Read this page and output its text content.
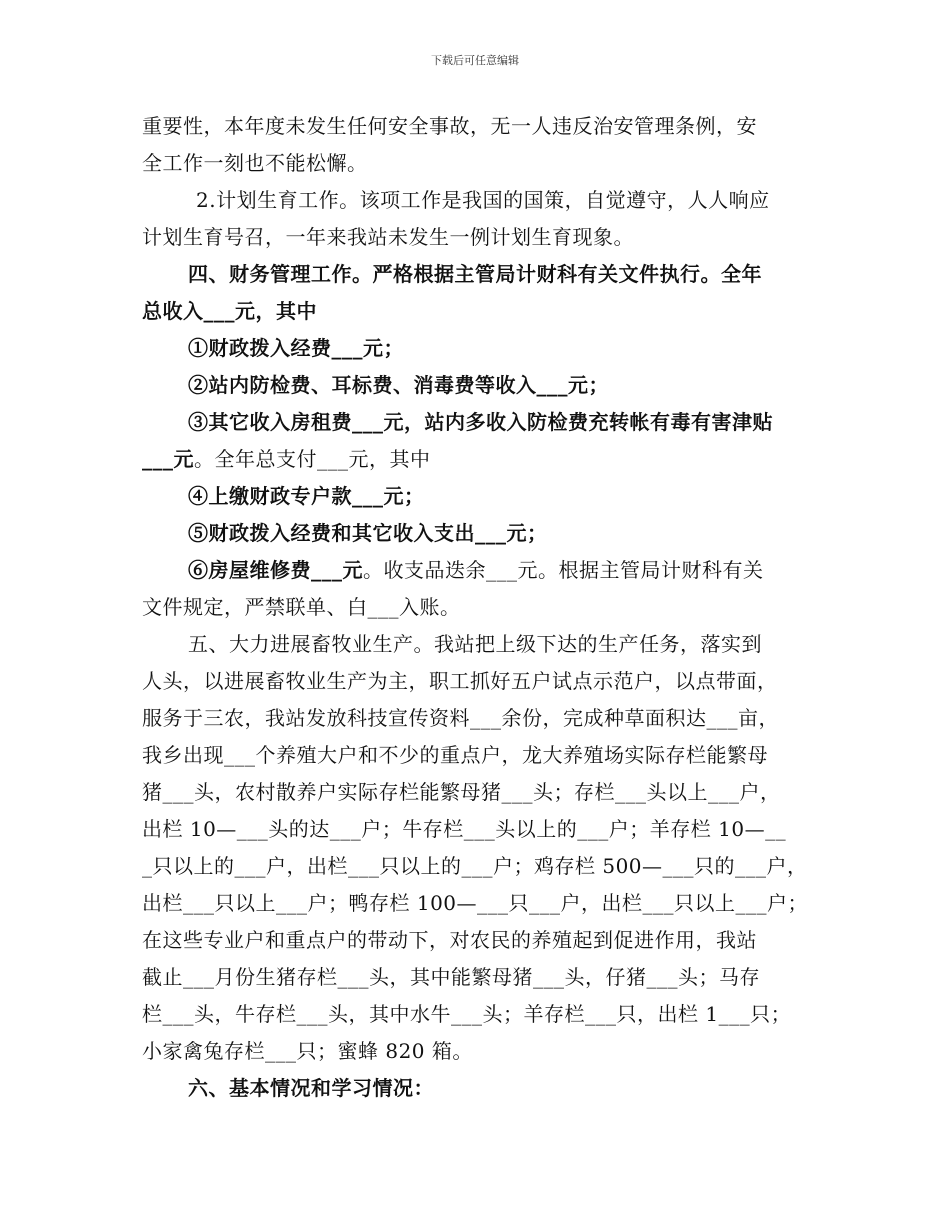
下载后可任意编辑
重要性，本年度未发生任何安全事故，无一人违反治安管理条例，安
全工作一刻也不能松懈。
2.计划生育工作。该项工作是我国的国策，自觉遵守，人人响应
计划生育号召，一年来我站未发生一例计划生育现象。
四、财务管理工作。严格根据主管局计财科有关文件执行。全年
总收入___元，其中
①财政拨入经费___元；
②站内防检费、耳标费、消毒费等收入___元；
③其它收入房租费___元，站内多收入防检费充转帐有毒有害津贴
___元。全年总支付___元，其中
④上缴财政专户款___元；
⑤财政拨入经费和其它收入支出___元；
⑥房屋维修费___元。收支品迭余___元。根据主管局计财科有关
文件规定，严禁联单、白___入账。
五、大力进展畜牧业生产。我站把上级下达的生产任务，落实到
人头，以进展畜牧业生产为主，职工抓好五户试点示范户，以点带面，
服务于三农，我站发放科技宣传资料___余份，完成种草面积达___亩，
我乡出现___个养殖大户和不少的重点户，龙大养殖场实际存栏能繁母
猪___头，农村散养户实际存栏能繁母猪___头；存栏___头以上___户，
出栏 10—___头的达___户；牛存栏___头以上的___户；羊存栏 10—__
_只以上的___户，出栏___只以上的___户；鸡存栏 500—___只的___户，
出栏___只以上___户；鸭存栏 100—___只___户，出栏___只以上___户；
在这些专业户和重点户的带动下，对农民的养殖起到促进作用，我站
截止___月份生猪存栏___头，其中能繁母猪___头，仔猪___头；马存
栏___头，牛存栏___头，其中水牛___头；羊存栏___只，出栏 1___只；
小家禽兔存栏___只；蜜蜂 820 箱。
六、基本情况和学习情况：
